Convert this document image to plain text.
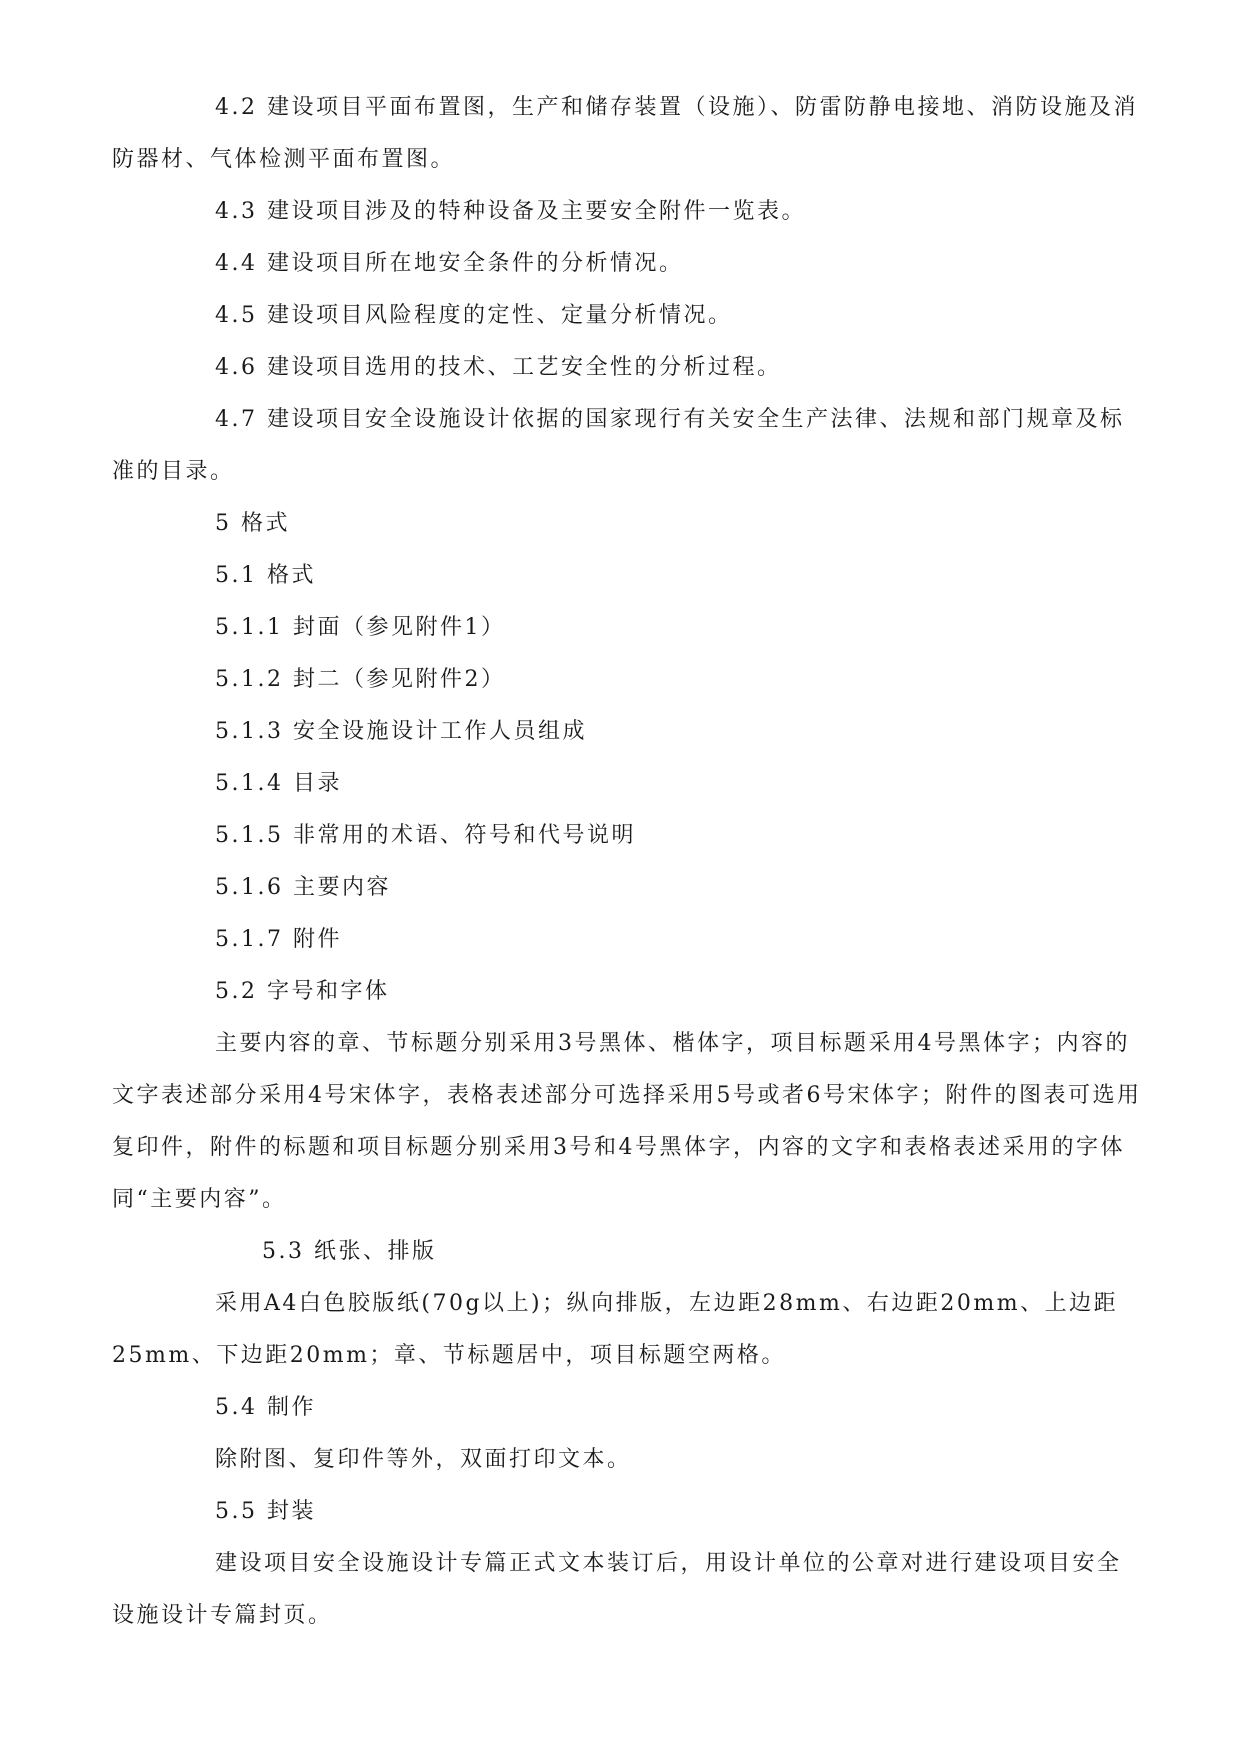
4.2 建设项目平面布置图，生产和储存装置（设施）、防雷防静电接地、消防设施及消防器材、气体检测平面布置图。

4.3 建设项目涉及的特种设备及主要安全附件一览表。

4.4 建设项目所在地安全条件的分析情况。

4.5 建设项目风险程度的定性、定量分析情况。

4.6 建设项目选用的技术、工艺安全性的分析过程。

4.7 建设项目安全设施设计依据的国家现行有关安全生产法律、法规和部门规章及标准的目录。

5 格式

5.1 格式

5.1.1 封面（参见附件1）

5.1.2 封二（参见附件2）

5.1.3 安全设施设计工作人员组成

5.1.4 目录

5.1.5 非常用的术语、符号和代号说明

5.1.6 主要内容

5.1.7 附件

5.2 字号和字体

主要内容的章、节标题分别采用3号黑体、楷体字，项目标题采用4号黑体字；内容的文字表述部分采用4号宋体字，表格表述部分可选择采用5号或者6号宋体字；附件的图表可选用复印件，附件的标题和项目标题分别采用3号和4号黑体字，内容的文字和表格表述采用的字体同“主要内容”。

5.3 纸张、排版

采用A4白色胶版纸(70g以上)；纵向排版，左边距28mm、右边距20mm、上边距25mm、下边距20mm；章、节标题居中，项目标题空两格。

5.4 制作

除附图、复印件等外，双面打印文本。

5.5 封装

建设项目安全设施设计专篇正式文本装订后，用设计单位的公章对进行建设项目安全设施设计专篇封页。
